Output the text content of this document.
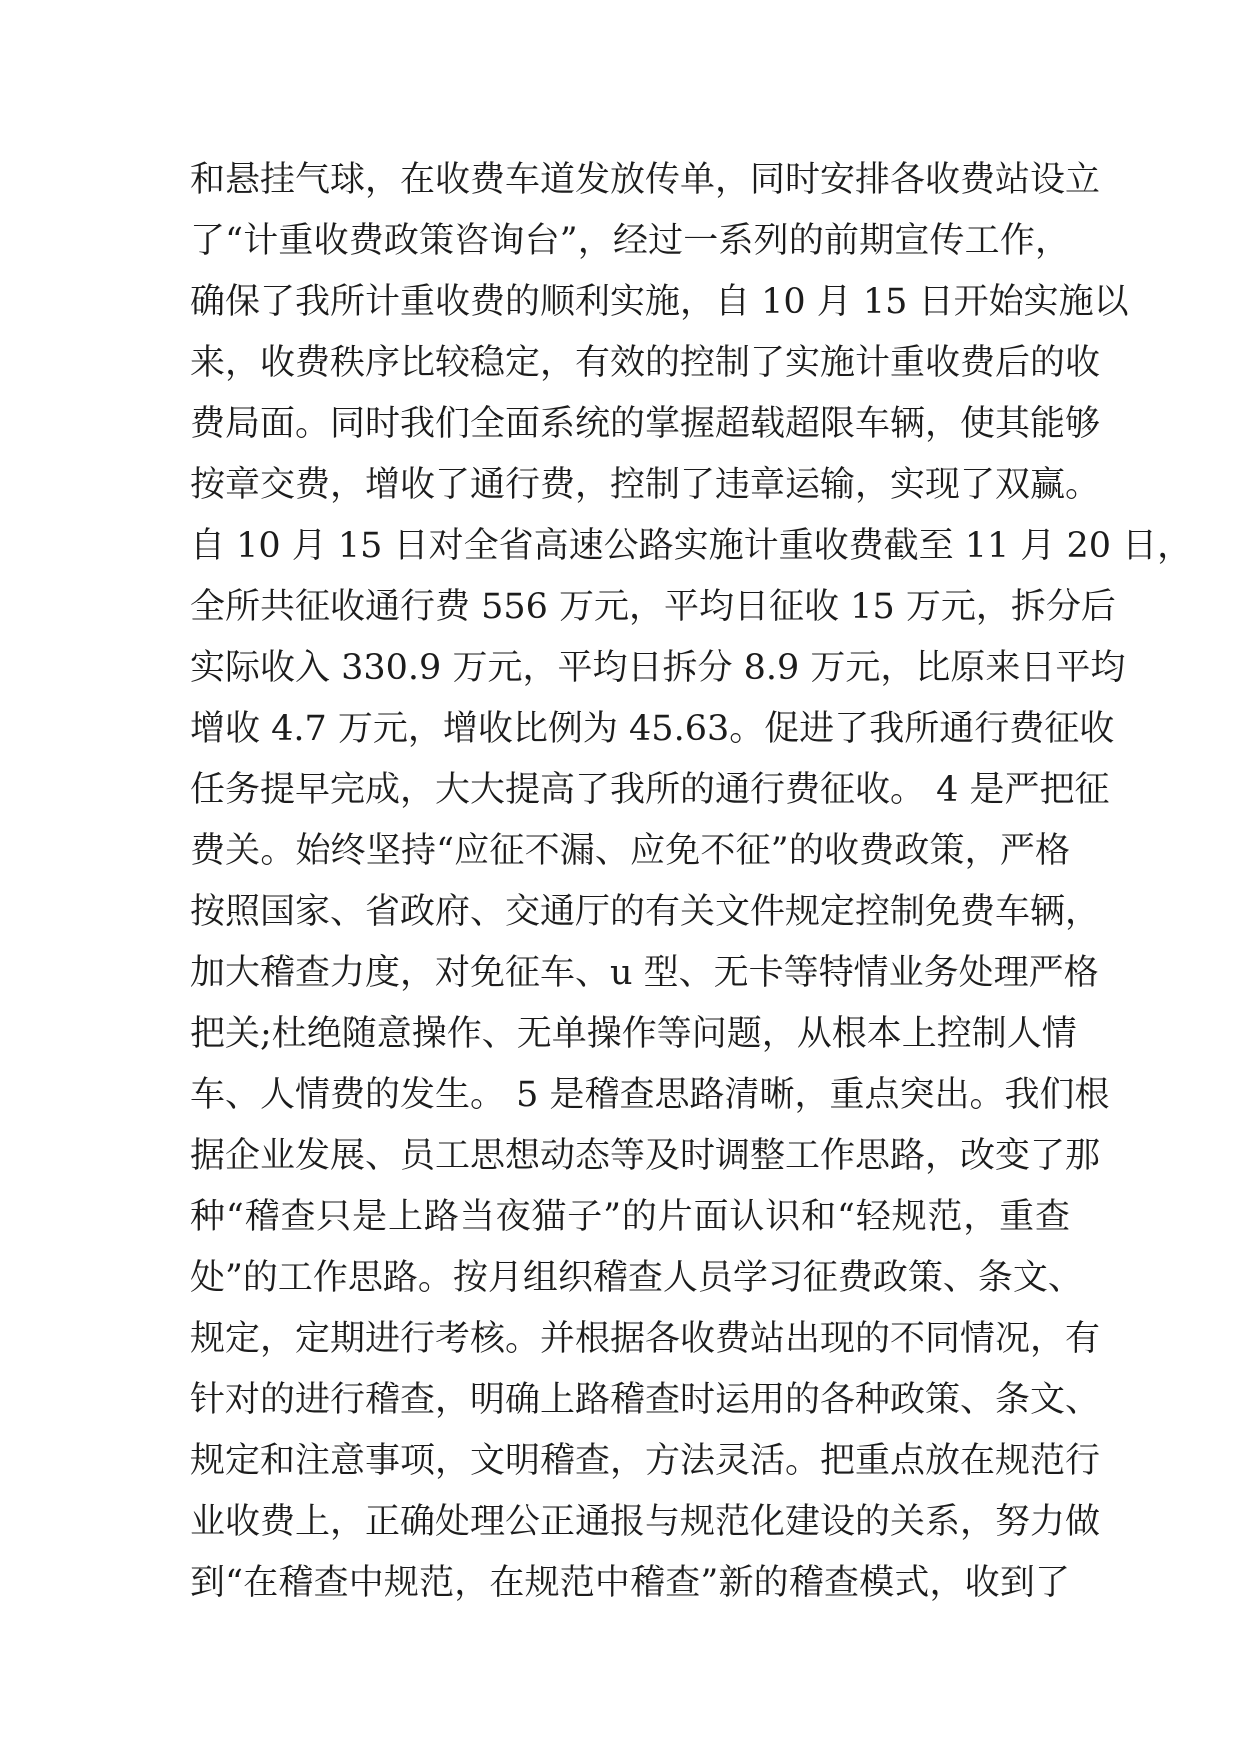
和悬挂气球，在收费车道发放传单，同时安排各收费站设立
了“计重收费政策咨询台”，经过一系列的前期宣传工作，
确保了我所计重收费的顺利实施，自 10 月 15 日开始实施以
来，收费秩序比较稳定，有效的控制了实施计重收费后的收
费局面。同时我们全面系统的掌握超载超限车辆，使其能够
按章交费，增收了通行费，控制了违章运输，实现了双赢。
自 10 月 15 日对全省高速公路实施计重收费截至 11 月 20 日，
全所共征收通行费 556 万元，平均日征收 15 万元，拆分后
实际收入 330.9 万元，平均日拆分 8.9 万元，比原来日平均
增收 4.7 万元，增收比例为 45.63。促进了我所通行费征收
任务提早完成，大大提高了我所的通行费征收。 4 是严把征
费关。始终坚持“应征不漏、应免不征”的收费政策，严格
按照国家、省政府、交通厅的有关文件规定控制免费车辆，
加大稽查力度，对免征车、u 型、无卡等特情业务处理严格
把关;杜绝随意操作、无单操作等问题，从根本上控制人情
车、人情费的发生。 5 是稽查思路清晰，重点突出。我们根
据企业发展、员工思想动态等及时调整工作思路，改变了那
种“稽查只是上路当夜猫子”的片面认识和“轻规范，重查
处”的工作思路。按月组织稽查人员学习征费政策、条文、
规定，定期进行考核。并根据各收费站出现的不同情况，有
针对的进行稽查，明确上路稽查时运用的各种政策、条文、
规定和注意事项，文明稽查，方法灵活。把重点放在规范行
业收费上，正确处理公正通报与规范化建设的关系，努力做
到“在稽查中规范，在规范中稽查”新的稽查模式，收到了
